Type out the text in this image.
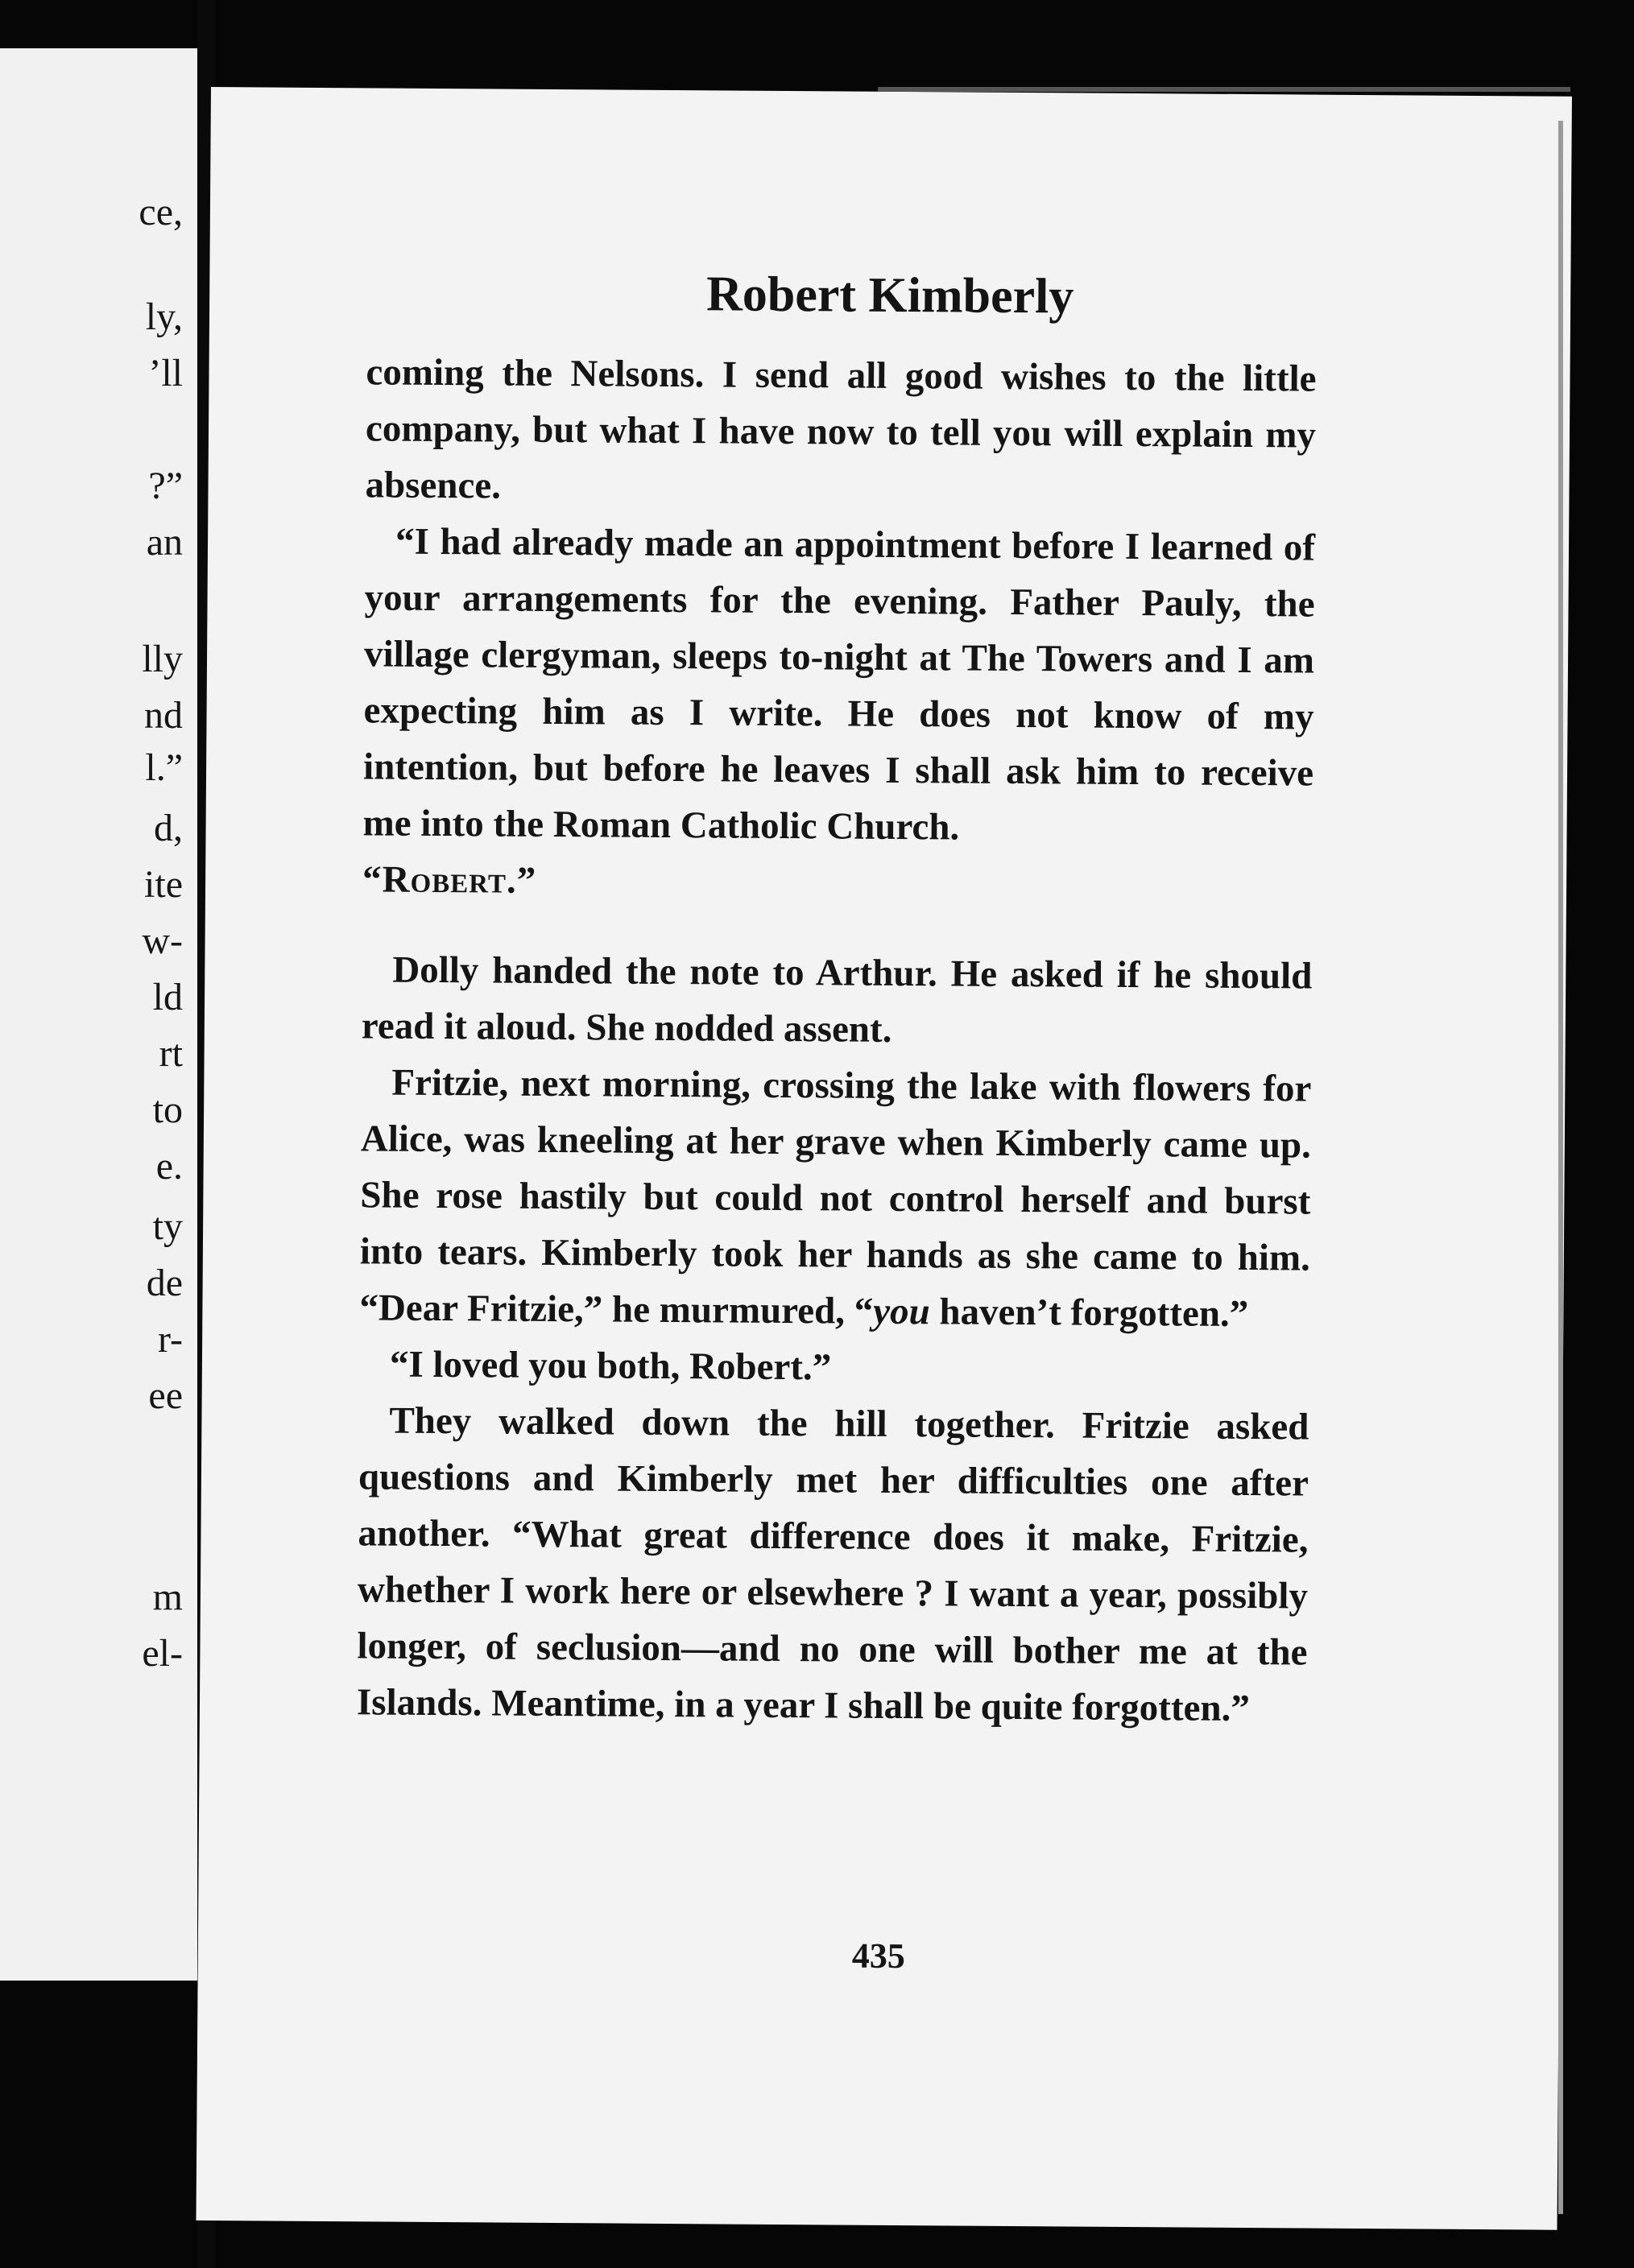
ce,
ly,
’ll
?”
an
lly
nd
l.”
d,
ite
w-
ld
rt
to
e.
ty
de
r-
ee
m
el-
Robert Kimberly

coming the Nelsons. I send all good wishes to the little company, but what I have now to tell you will explain my absence.

“I had already made an appointment before I learned of your arrangements for the evening. Father Pauly, the village clergyman, sleeps to-night at The Towers and I am expecting him as I write. He does not know of my intention, but before he leaves I shall ask him to receive me into the Roman Catholic Church.

“Robert.”

Dolly handed the note to Arthur. He asked if he should read it aloud. She nodded assent.

Fritzie, next morning, crossing the lake with flowers for Alice, was kneeling at her grave when Kimberly came up. She rose hastily but could not control herself and burst into tears. Kimberly took her hands as she came to him. “Dear Fritzie,” he murmured, “you haven’t forgotten.”

“I loved you both, Robert.”

They walked down the hill together. Fritzie asked questions and Kimberly met her difficulties one after another. “What great difference does it make, Fritzie, whether I work here or elsewhere ? I want a year, possibly longer, of seclusion—and no one will bother me at the Islands. Meantime, in a year I shall be quite forgotten.”

435
